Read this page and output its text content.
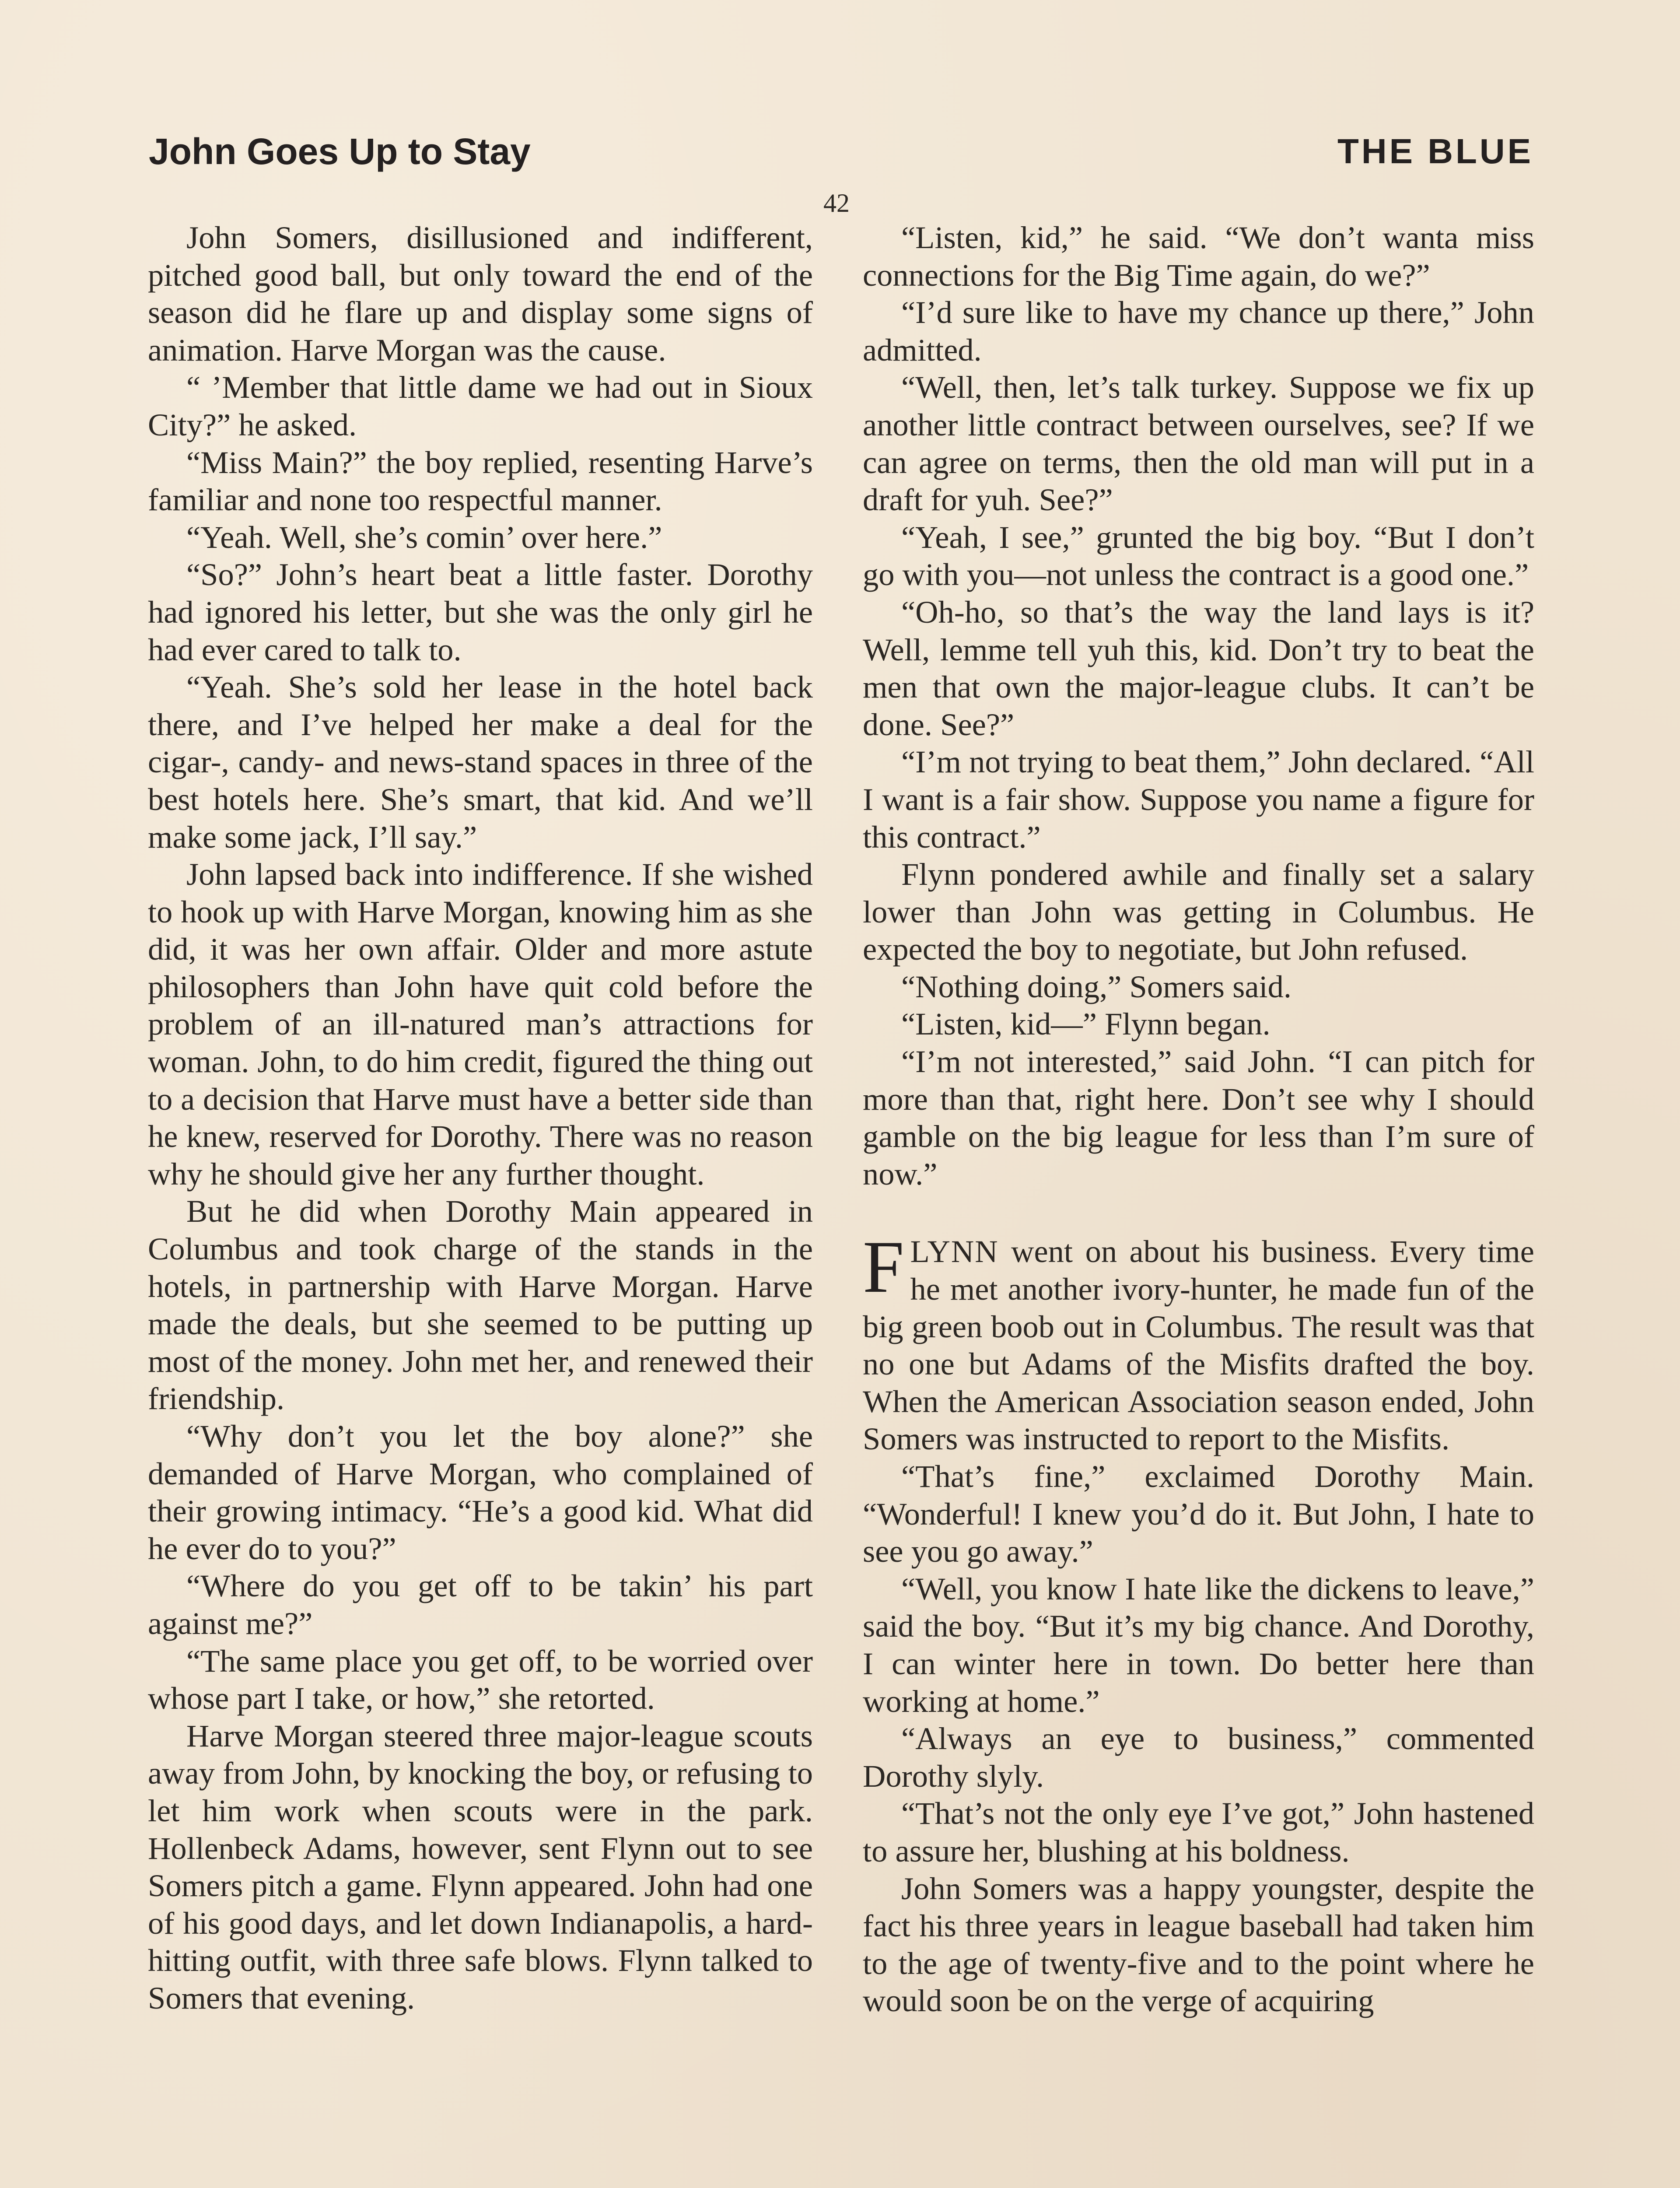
John Goes Up to Stay	THE BLUE
42

John Somers, disillusioned and indifferent, pitched good ball, but only toward the end of the season did he flare up and display some signs of animation. Harve Morgan was the cause.

“ ’Member that little dame we had out in Sioux City?” he asked.

“Miss Main?” the boy replied, resenting Harve’s familiar and none too respectful manner.

“Yeah. Well, she’s comin’ over here.”

“So?” John’s heart beat a little faster. Dorothy had ignored his letter, but she was the only girl he had ever cared to talk to.

“Yeah. She’s sold her lease in the hotel back there, and I’ve helped her make a deal for the cigar-, candy- and news-stand spaces in three of the best hotels here. She’s smart, that kid. And we’ll make some jack, I’ll say.”

John lapsed back into indifference. If she wished to hook up with Harve Morgan, knowing him as she did, it was her own affair. Older and more astute philosophers than John have quit cold before the problem of an ill-natured man’s attractions for woman. John, to do him credit, figured the thing out to a decision that Harve must have a better side than he knew, reserved for Dorothy. There was no reason why he should give her any further thought.

But he did when Dorothy Main appeared in Columbus and took charge of the stands in the hotels, in partnership with Harve Morgan. Harve made the deals, but she seemed to be putting up most of the money. John met her, and renewed their friendship.

“Why don’t you let the boy alone?” she demanded of Harve Morgan, who complained of their growing intimacy. “He’s a good kid. What did he ever do to you?”

“Where do you get off to be takin’ his part against me?”

“The same place you get off, to be worried over whose part I take, or how,” she retorted.

Harve Morgan steered three major-league scouts away from John, by knocking the boy, or refusing to let him work when scouts were in the park. Hollenbeck Adams, however, sent Flynn out to see Somers pitch a game. Flynn appeared. John had one of his good days, and let down Indianapolis, a hard-hitting outfit, with three safe blows. Flynn talked to Somers that evening.

“Listen, kid,” he said. “We don’t wanta miss connections for the Big Time again, do we?”

“I’d sure like to have my chance up there,” John admitted.

“Well, then, let’s talk turkey. Suppose we fix up another little contract between ourselves, see? If we can agree on terms, then the old man will put in a draft for yuh. See?”

“Yeah, I see,” grunted the big boy. “But I don’t go with you—not unless the contract is a good one.”

“Oh-ho, so that’s the way the land lays is it? Well, lemme tell yuh this, kid. Don’t try to beat the men that own the major-league clubs. It can’t be done. See?”

“I’m not trying to beat them,” John declared. “All I want is a fair show. Suppose you name a figure for this contract.”

Flynn pondered awhile and finally set a salary lower than John was getting in Columbus. He expected the boy to negotiate, but John refused.

“Nothing doing,” Somers said.

“Listen, kid—” Flynn began.

“I’m not interested,” said John. “I can pitch for more than that, right here. Don’t see why I should gamble on the big league for less than I’m sure of now.”

FLYNN went on about his business. Every time he met another ivory-hunter, he made fun of the big green boob out in Columbus. The result was that no one but Adams of the Misfits drafted the boy. When the American Association season ended, John Somers was instructed to report to the Misfits.

“That’s fine,” exclaimed Dorothy Main. “Wonderful! I knew you’d do it. But John, I hate to see you go away.”

“Well, you know I hate like the dickens to leave,” said the boy. “But it’s my big chance. And Dorothy, I can winter here in town. Do better here than working at home.”

“Always an eye to business,” commented Dorothy slyly.

“That’s not the only eye I’ve got,” John hastened to assure her, blushing at his boldness.

John Somers was a happy youngster, despite the fact his three years in league baseball had taken him to the age of twenty-five and to the point where he would soon be on the verge of acquiring
